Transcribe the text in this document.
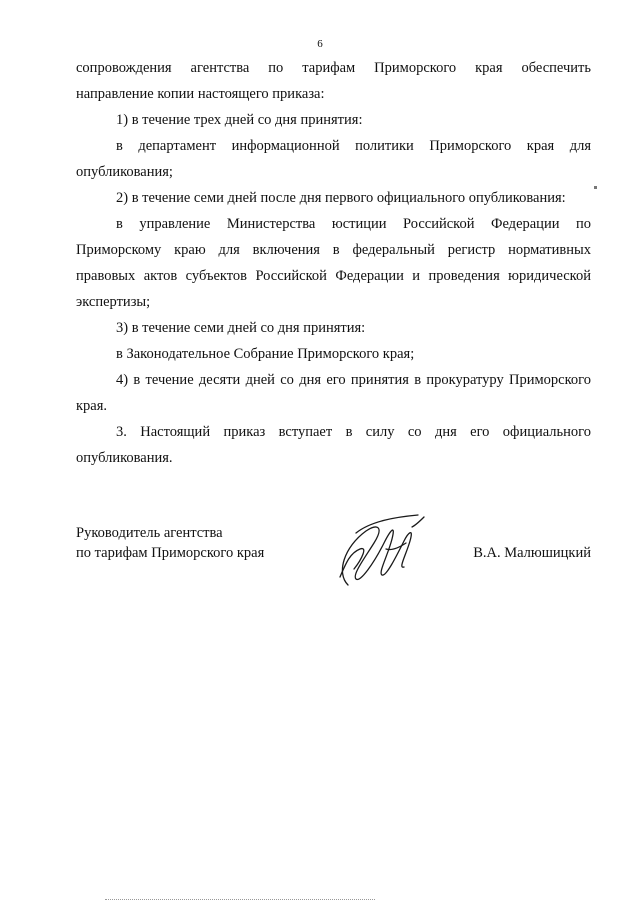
6

сопровождения агентства по тарифам Приморского края обеспечить

направление копии настоящего приказа:

1) в течение трех дней со дня принятия:

в департамент информационной политики Приморского края для

опубликования;

2) в течение семи дней после дня первого официального опубликования:

в управление Министерства юстиции Российской Федерации по

Приморскому краю для включения в федеральный регистр нормативных

правовых актов субъектов Российской Федерации и проведения юридической

экспертизы;

3) в течение семи дней со дня принятия:

в Законодательное Собрание Приморского края;

4) в течение десяти дней со дня его принятия в прокуратуру Приморского

края.

3. Настоящий приказ вступает в силу со дня его официального

опубликования.

Руководитель агентства
по тарифам Приморского края	В.А. Малюшицкий
